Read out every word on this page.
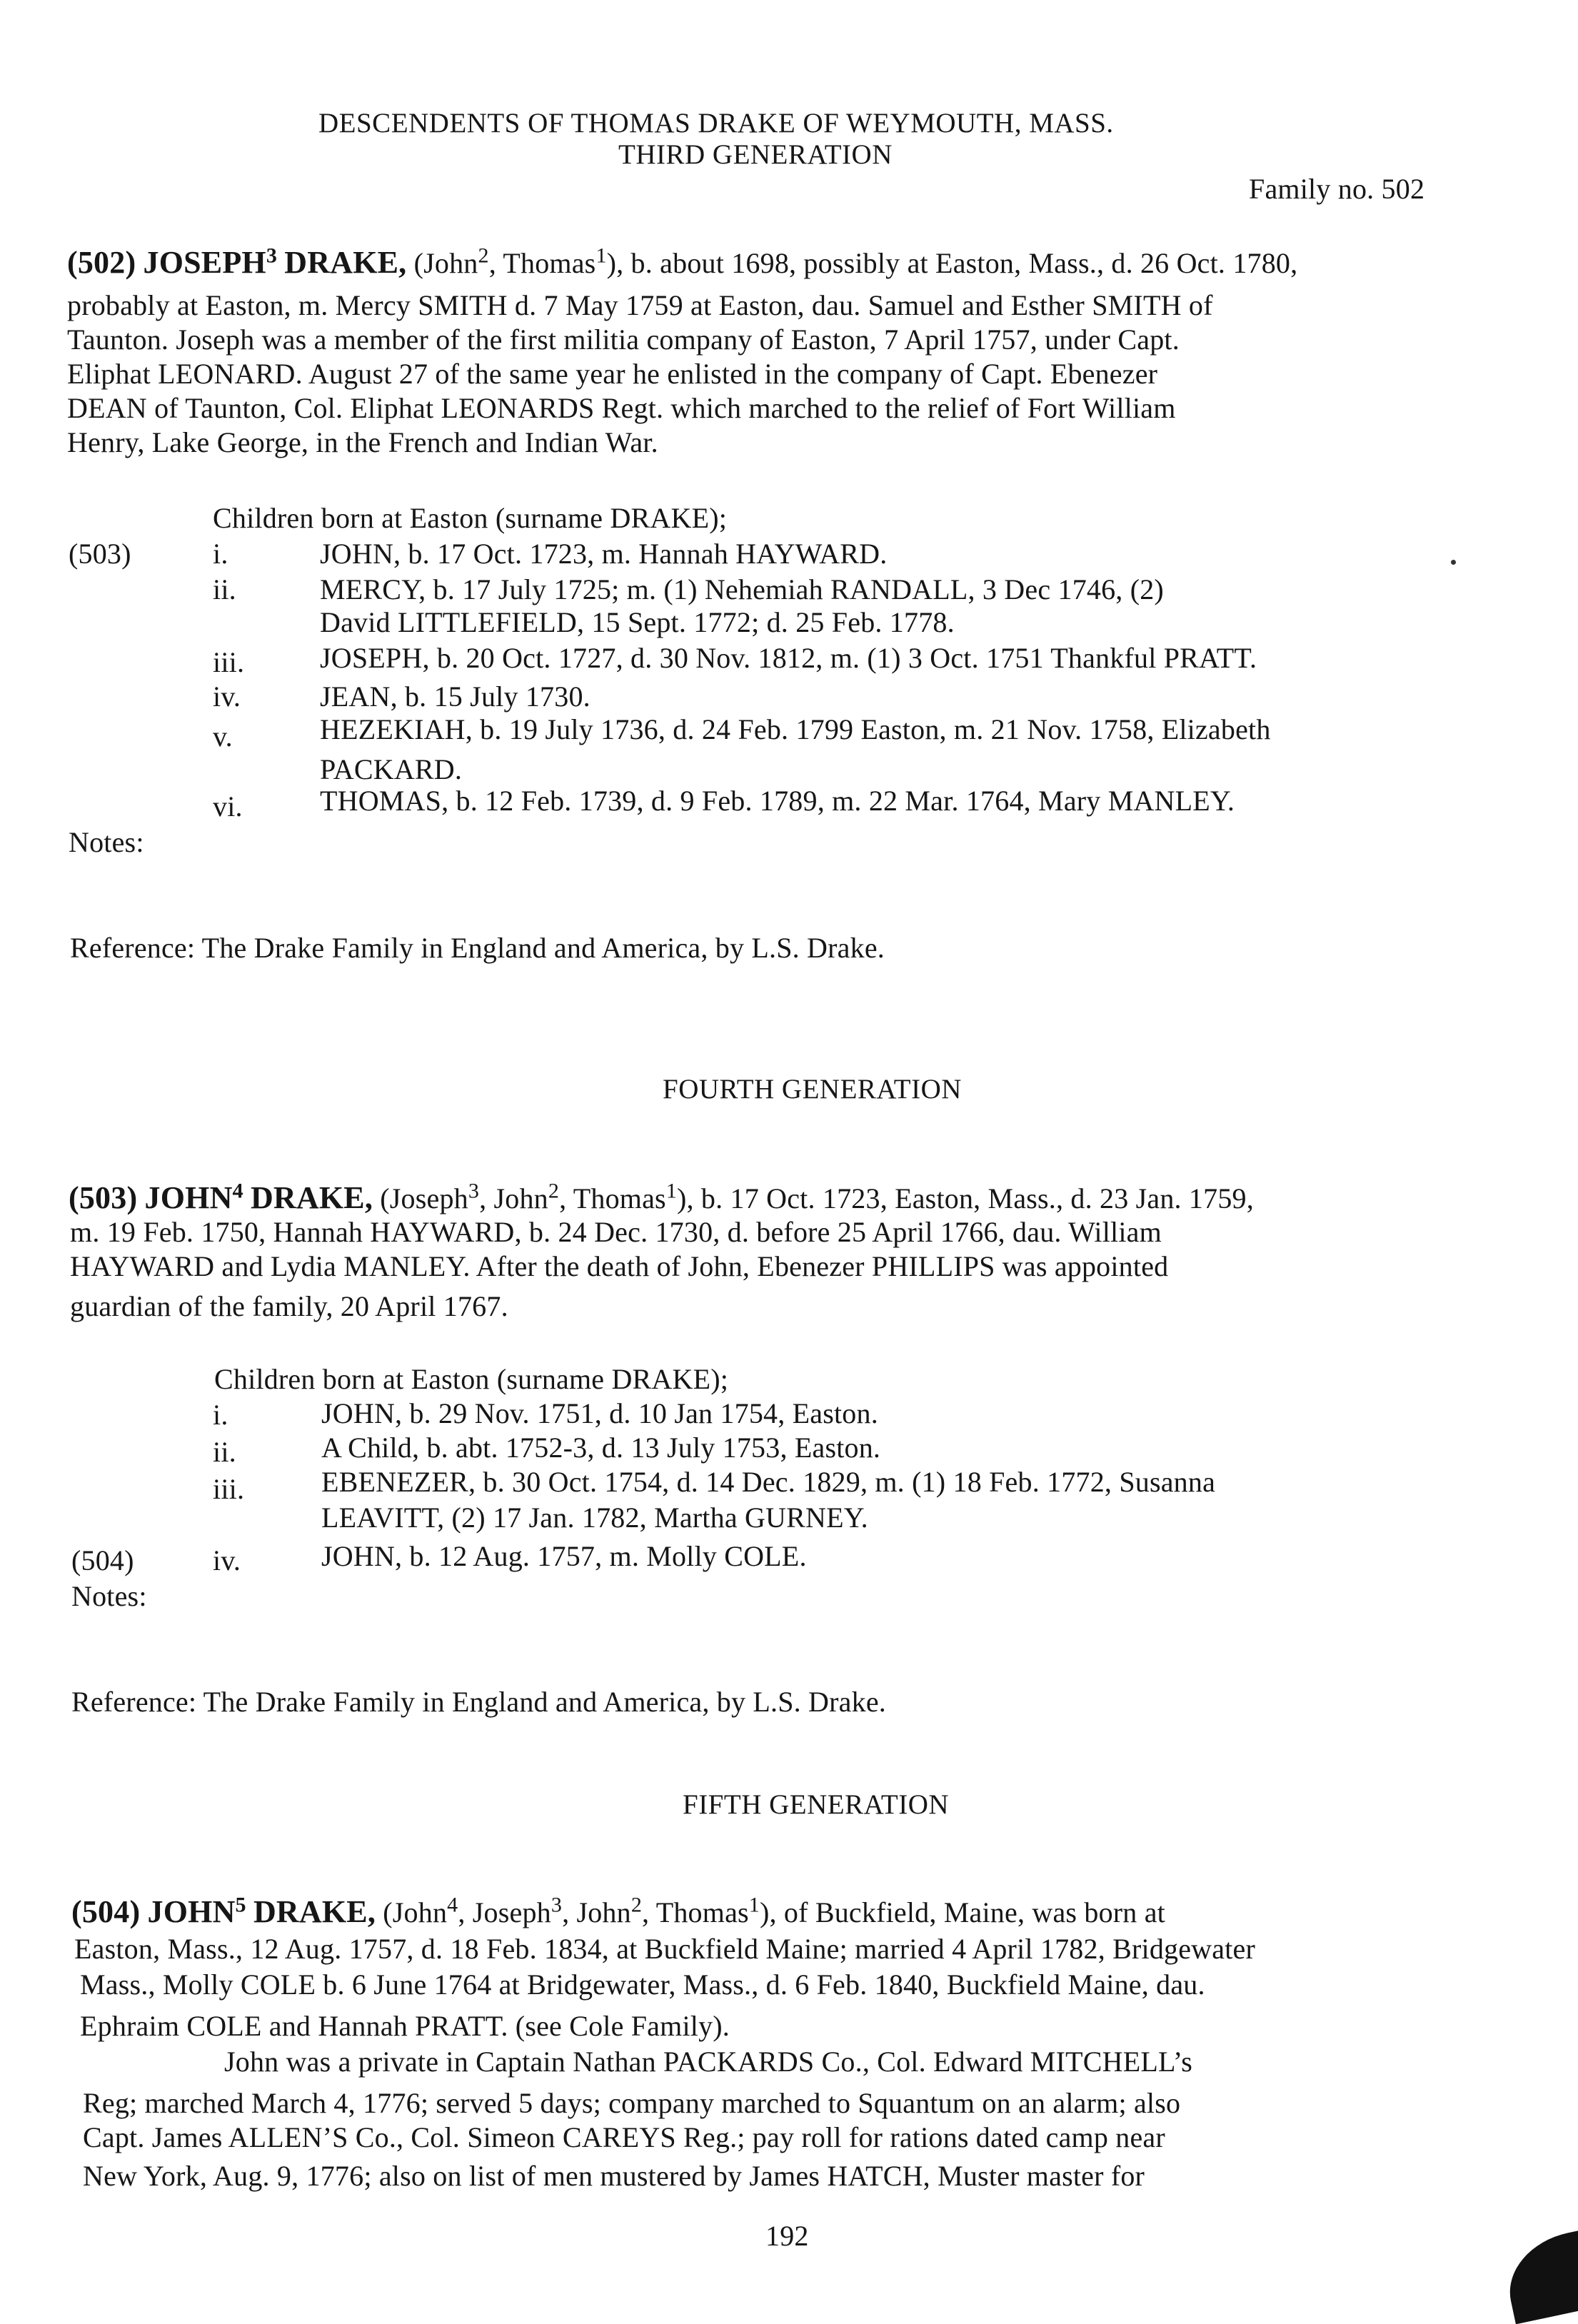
DESCENDENTS OF THOMAS DRAKE OF WEYMOUTH, MASS.
THIRD GENERATION
Family no. 502
(502) JOSEPH$^3$ DRAKE, (John$^2$, Thomas$^1$), b. about 1698, possibly at Easton, Mass., d. 26 Oct. 1780,
probably at Easton, m. Mercy SMITH d. 7 May 1759 at Easton, dau. Samuel and Esther SMITH of
Taunton. Joseph was a member of the first militia company of Easton, 7 April 1757, under Capt.
Eliphat LEONARD. August 27 of the same year he enlisted in the company of Capt. Ebenezer
DEAN of Taunton, Col. Eliphat LEONARDS Regt. which marched to the relief of Fort William
Henry, Lake George, in the French and Indian War.
Children born at Easton (surname DRAKE);
(503)	i.	JOHN, b. 17 Oct. 1723, m. Hannah HAYWARD.
ii.	MERCY, b. 17 July 1725; m. (1) Nehemiah RANDALL, 3 Dec 1746, (2)
David LITTLEFIELD, 15 Sept. 1772; d. 25 Feb. 1778.
iii.	JOSEPH, b. 20 Oct. 1727, d. 30 Nov. 1812, m. (1) 3 Oct. 1751 Thankful PRATT.
iv.	JEAN, b. 15 July 1730.
v.	HEZEKIAH, b. 19 July 1736, d. 24 Feb. 1799 Easton, m. 21 Nov. 1758, Elizabeth
PACKARD.
vi.	THOMAS, b. 12 Feb. 1739, d. 9 Feb. 1789, m. 22 Mar. 1764, Mary MANLEY.
Notes:
Reference: The Drake Family in England and America, by L.S. Drake.
FOURTH GENERATION
(503) JOHN$^4$ DRAKE, (Joseph$^3$, John$^2$, Thomas$^1$), b. 17 Oct. 1723, Easton, Mass., d. 23 Jan. 1759,
m. 19 Feb. 1750, Hannah HAYWARD, b. 24 Dec. 1730, d. before 25 April 1766, dau. William
HAYWARD and Lydia MANLEY. After the death of John, Ebenezer PHILLIPS was appointed
guardian of the family, 20 April 1767.
Children born at Easton (surname DRAKE);
i.	JOHN, b. 29 Nov. 1751, d. 10 Jan 1754, Easton.
ii.	A Child, b. abt. 1752-3, d. 13 July 1753, Easton.
iii.	EBENEZER, b. 30 Oct. 1754, d. 14 Dec. 1829, m. (1) 18 Feb. 1772, Susanna
LEAVITT, (2) 17 Jan. 1782, Martha GURNEY.
(504)	iv.	JOHN, b. 12 Aug. 1757, m. Molly COLE.
Notes:
Reference: The Drake Family in England and America, by L.S. Drake.
FIFTH GENERATION
(504) JOHN$^5$ DRAKE, (John$^4$, Joseph$^3$, John$^2$, Thomas$^1$), of Buckfield, Maine, was born at
Easton, Mass., 12 Aug. 1757, d. 18 Feb. 1834, at Buckfield Maine; married 4 April 1782, Bridgewater
Mass., Molly COLE b. 6 June 1764 at Bridgewater, Mass., d. 6 Feb. 1840, Buckfield Maine, dau.
Ephraim COLE and Hannah PRATT. (see Cole Family).
John was a private in Captain Nathan PACKARDS Co., Col. Edward MITCHELL’s
Reg; marched March 4, 1776; served 5 days; company marched to Squantum on an alarm; also
Capt. James ALLEN’S Co., Col. Simeon CAREYS Reg.; pay roll for rations dated camp near
New York, Aug. 9, 1776; also on list of men mustered by James HATCH, Muster master for
192
